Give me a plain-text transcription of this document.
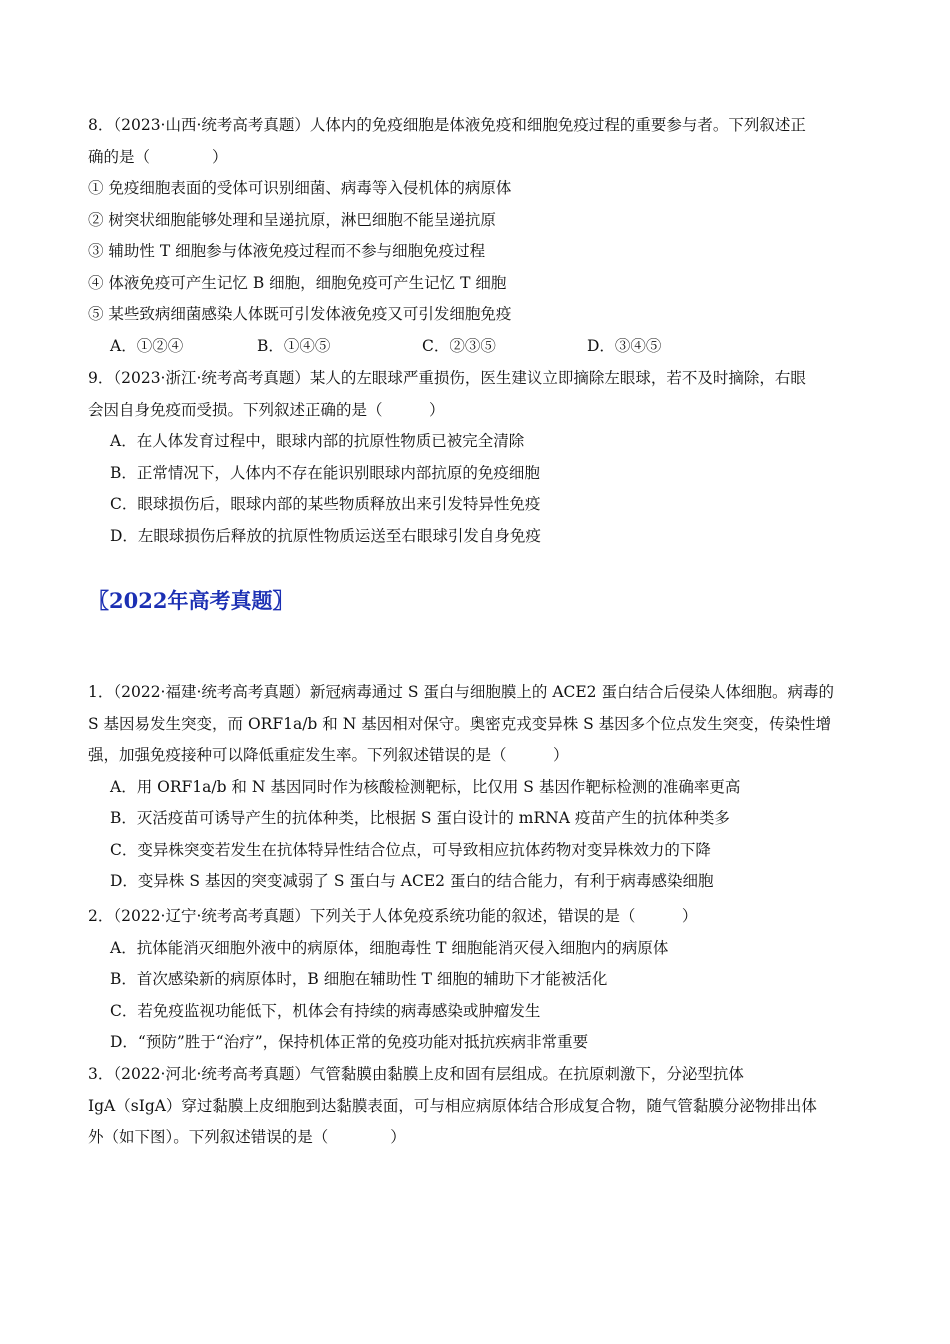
8．（2023·山西·统考高考真题）人体内的免疫细胞是体液免疫和细胞免疫过程的重要参与者。下列叙述正

确的是（　　　　）

① 免疫细胞表面的受体可识别细菌、病毒等入侵机体的病原体

② 树突状细胞能够处理和呈递抗原，淋巴细胞不能呈递抗原

③ 辅助性 T 细胞参与体液免疫过程而不参与细胞免疫过程

④ 体液免疫可产生记忆 B 细胞，细胞免疫可产生记忆 T 细胞

⑤ 某些致病细菌感染人体既可引发体液免疫又可引发细胞免疫

A．①②④	B．①④⑤	C．②③⑤	D．③④⑤

9．（2023·浙江·统考高考真题）某人的左眼球严重损伤，医生建议立即摘除左眼球，若不及时摘除，右眼

会因自身免疫而受损。下列叙述正确的是（　　　）

A．在人体发育过程中，眼球内部的抗原性物质已被完全清除

B．正常情况下，人体内不存在能识别眼球内部抗原的免疫细胞

C．眼球损伤后，眼球内部的某些物质释放出来引发特异性免疫

D．左眼球损伤后释放的抗原性物质运送至右眼球引发自身免疫

〖2022年高考真题〗

1．（2022·福建·统考高考真题）新冠病毒通过 S 蛋白与细胞膜上的 ACE2 蛋白结合后侵染人体细胞。病毒的

S 基因易发生突变，而 ORF1a/b 和 N 基因相对保守。奥密克戎变异株 S 基因多个位点发生突变，传染性增

强，加强免疫接种可以降低重症发生率。下列叙述错误的是（　　　）

A．用 ORF1a/b 和 N 基因同时作为核酸检测靶标，比仅用 S 基因作靶标检测的准确率更高

B．灭活疫苗可诱导产生的抗体种类，比根据 S 蛋白设计的 mRNA 疫苗产生的抗体种类多

C．变异株突变若发生在抗体特异性结合位点，可导致相应抗体药物对变异株效力的下降

D．变异株 S 基因的突变减弱了 S 蛋白与 ACE2 蛋白的结合能力，有利于病毒感染细胞

2．（2022·辽宁·统考高考真题）下列关于人体免疫系统功能的叙述，错误的是（　　　）

A．抗体能消灭细胞外液中的病原体，细胞毒性 T 细胞能消灭侵入细胞内的病原体

B．首次感染新的病原体时，B 细胞在辅助性 T 细胞的辅助下才能被活化

C．若免疫监视功能低下，机体会有持续的病毒感染或肿瘤发生

D．“预防”胜于“治疗”，保持机体正常的免疫功能对抵抗疾病非常重要

3．（2022·河北·统考高考真题）气管黏膜由黏膜上皮和固有层组成。在抗原刺激下，分泌型抗体

IgA（sIgA）穿过黏膜上皮细胞到达黏膜表面，可与相应病原体结合形成复合物，随气管黏膜分泌物排出体

外（如下图）。下列叙述错误的是（　　　　）
